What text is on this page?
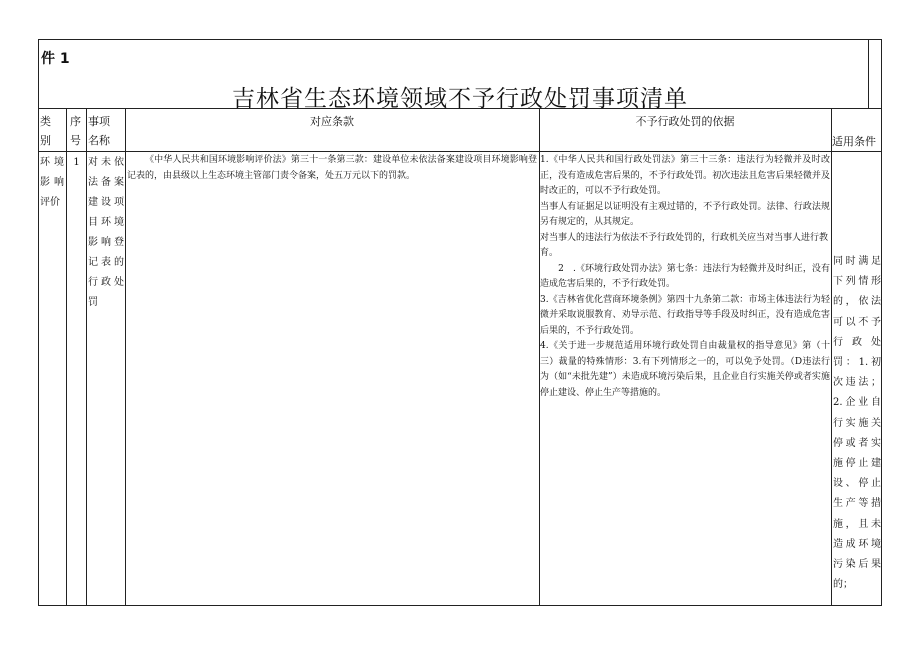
件 1
吉林省生态环境领域不予行政处罚事项清单
类别
序号
事项名称
对应条款	不予行政处罚的依据
适用条件
环境影响评价
1 对未依法备案建设项目环境影响登记表的行政处罚
《中华人民共和国环境影响评价法》第三十一条第三款：建设单位未依法备案建设项目环境影响登记表的，由县级以上生态环境主管部门责令备案，处五万元以下的罚款。

1.《中华人民共和国行政处罚法》第三十三条：违法行为轻微并及时改正，没有造成危害后果的，不予行政处罚。初次违法且危害后果轻微并及时改正的，可以不予行政处罚。

当事人有证据足以证明没有主观过错的，不予行政处罚。法律、行政法规另有规定的，从其规定。

对当事人的违法行为依法不予行政处罚的，行政机关应当对当事人进行教

育。

　　2　.《环境行政处罚办法》第七条：违法行为轻微并及时纠正，没有造成危害后果的，不予行政处罚。

3.《吉林省优化营商环境条例》第四十九条第二款：市场主体违法行为轻微并采取说服教育、劝导示范、行政指导等手段及时纠正，没有造成危害后果的，不予行政处罚。

4.《关于进一步规范适用环境行政处罚自由裁量权的指导意见》第（十三）裁量的特殊情形：3.有下列情形之一的，可以免予处罚。（D违法行为（如“未批先建”）未造成环境污染后果，且企业自行实施关停或者实施停止建设、停止生产等措施的。

同时满足下列情形的，依法可以不予行政处罚：1.初次违法；2.企业自行实施关停或者实施停止建设、停止生产等措施，且未造成环境污染后果的；
